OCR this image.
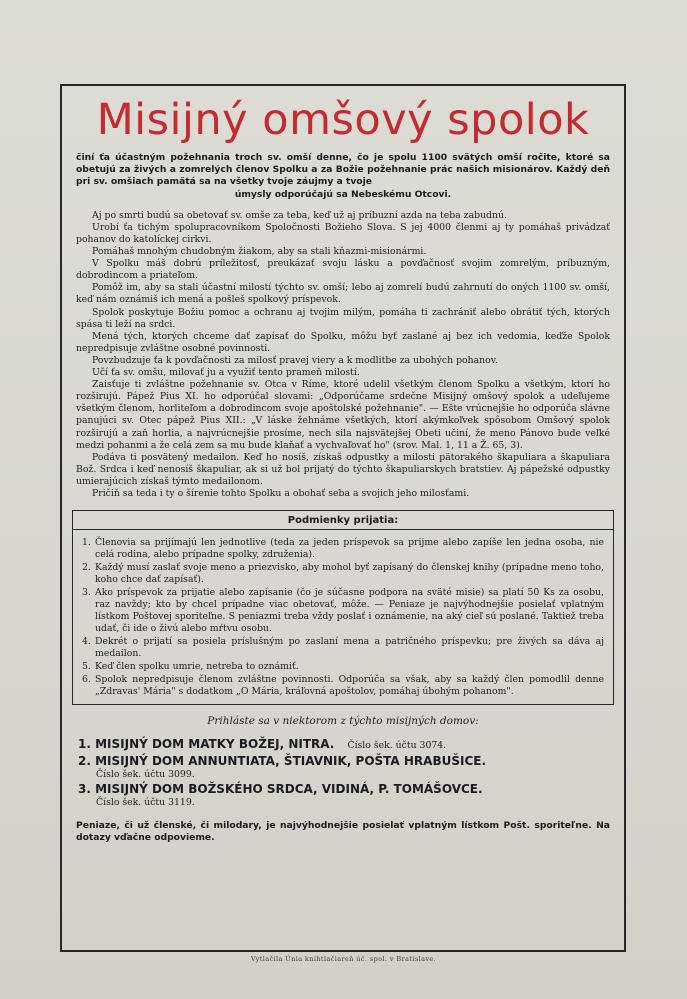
Misijný omšový spolok

činí ťa účastným požehnania troch sv. omší denne, čo je spolu 1100 svätých omší ročite, ktoré sa obetujú za živých a zomrelých členov Spolku a za Božie požehnanie prác našich misionárov. Každý deň pri sv. omšiach pamätá sa na všetky tvoje záujmy a tvoje

úmysly odporúčajú sa Nebeskému Otcovi.

Aj po smrti budú sa obetovať sv. omše za teba, keď už aj príbuzní azda na teba zabudnú.

Urobí ťa tichým spolupracovníkom Spoločnosti Božieho Slova. S jej 4000 členmi aj ty pomáhaš privádzať pohanov do katolíckej cirkvi.

Pomáhaš mnohým chudobným žiakom, aby sa stali kňazmi-misionármi.

V Spolku máš dobrú príležitosť, preukázať svoju lásku a povďačnosť svojim zomrelým, príbuzným, dobrodincom a priateľom.

Pomôž im, aby sa stali účastní milostí týchto sv. omší; lebo aj zomrelí budú zahrnutí do oných 1100 sv. omší, keď nám oznámiš ich mená a pošleš spolkový príspevok.

Spolok poskytuje Božiu pomoc a ochranu aj tvojim milým, pomáha ti zachrániť alebo obrátiť tých, ktorých spása ti leží na srdci.

Mená tých, ktorých chceme dať zapísať do Spolku, môžu byť zaslané aj bez ich vedomia, keďže Spolok nepredpisuje zvláštne osobné povinnosti.

Povzbudzuje ťa k povďačnosti za milosť pravej viery a k modlitbe za ubohých pohanov.

Učí ťa sv. omšu, milovať ju a využiť tento prameň milostí.

Zaisťuje ti zvláštne požehnanie sv. Otca v Ríme, ktoré udelil všetkým členom Spolku a všetkým, ktorí ho rozširujú. Pápež Pius XI. ho odporúčal slovami: „Odporúčame srdečne Misijný omšový spolok a udeľujeme všetkým členom, horliteľom a dobrodincom svoje apoštolské požehnanie". — Ešte vrúcnejšie ho odporúča slávne panujúci sv. Otec pápež Pius XII.: „V láske žehnáme všetkých, ktorí akýmkoľvek spôsobom Omšový spolok rozširujú a zaň horlia, a najvrúcnejšie prosíme, nech sila najsvätejšej Obeti učiní, že meno Pánovo bude veľké medzi pohanmi a že celá zem sa mu bude klaňať a vychvaľovať ho" (srov. Mal. 1, 11 a Ž. 65, 3).

Podáva ti posvätený medailon. Keď ho nosíš, získaš odpustky a milosti pätorakého škapuliara a škapuliara Bož. Srdca i keď nenosíš škapuliar, ak si už bol prijatý do týchto škapuliarskych bratstiev. Aj pápežské odpustky umierajúcich získaš týmto medailonom.

Pričiň sa teda i ty o šírenie tohto Spolku a obohať seba a svojich jeho milosťami.

Podmienky prijatia:
1. Členovia sa prijímajú len jednotlive (teda za jeden príspevok sa prijme alebo zapíše len jedna osoba, nie celá rodina, alebo prípadne spolky, združenia).
2. Každý musí zaslať svoje meno a priezvisko, aby mohol byť zapísaný do členskej knihy (prípadne meno toho, koho chce dať zapísať).
3. Ako príspevok za prijatie alebo zapísanie (čo je súčasne podpora na sväté misie) sa platí 50 Ks za osobu, raz navždy; kto by chcel prípadne viac obetovať, môže. — Peniaze je najvýhodnejšie posielať vplatným lístkom Poštovej sporiteľne. S peniazmi treba vždy poslať i oznámenie, na aký cieľ sú poslané. Taktiež treba udať, či ide o živú alebo mŕtvu osobu.
4. Dekrét o prijatí sa posiela príslušným po zaslaní mena a patričného príspevku; pre živých sa dáva aj medailon.
5. Keď člen spolku umrie, netreba to oznámiť.
6. Spolok nepredpisuje členom zvláštne povinnosti. Odporúča sa však, aby sa každý člen pomodlil denne „Zdravas' Mária" s dodatkom „O Mária, kráľovná apoštolov, pomáhaj úbohým pohanom".
Prihláste sa v niektorom z týchto misijných domov:
1. MISIJNÝ DOM MATKY BOŽEJ, NITRA. Číslo šek. účtu 3074.
2. MISIJNÝ DOM ANNUNTIATA, ŠTIAVNIK, POŠTA HRABUŠICE.
Číslo šek. účtu 3099.
3. MISIJNÝ DOM BOŽSKÉHO SRDCA, VIDINÁ, P. TOMÁŠOVCE.
Číslo šek. účtu 3119.
Peniaze, či už členské, či milodary, je najvýhodnejšie posielať vplatným lístkom Pošt. sporiteľne. Na dotazy vďačne odpovieme.
Vytlačila Únia kníhtlačiareň úč. spol. v Bratislave.
